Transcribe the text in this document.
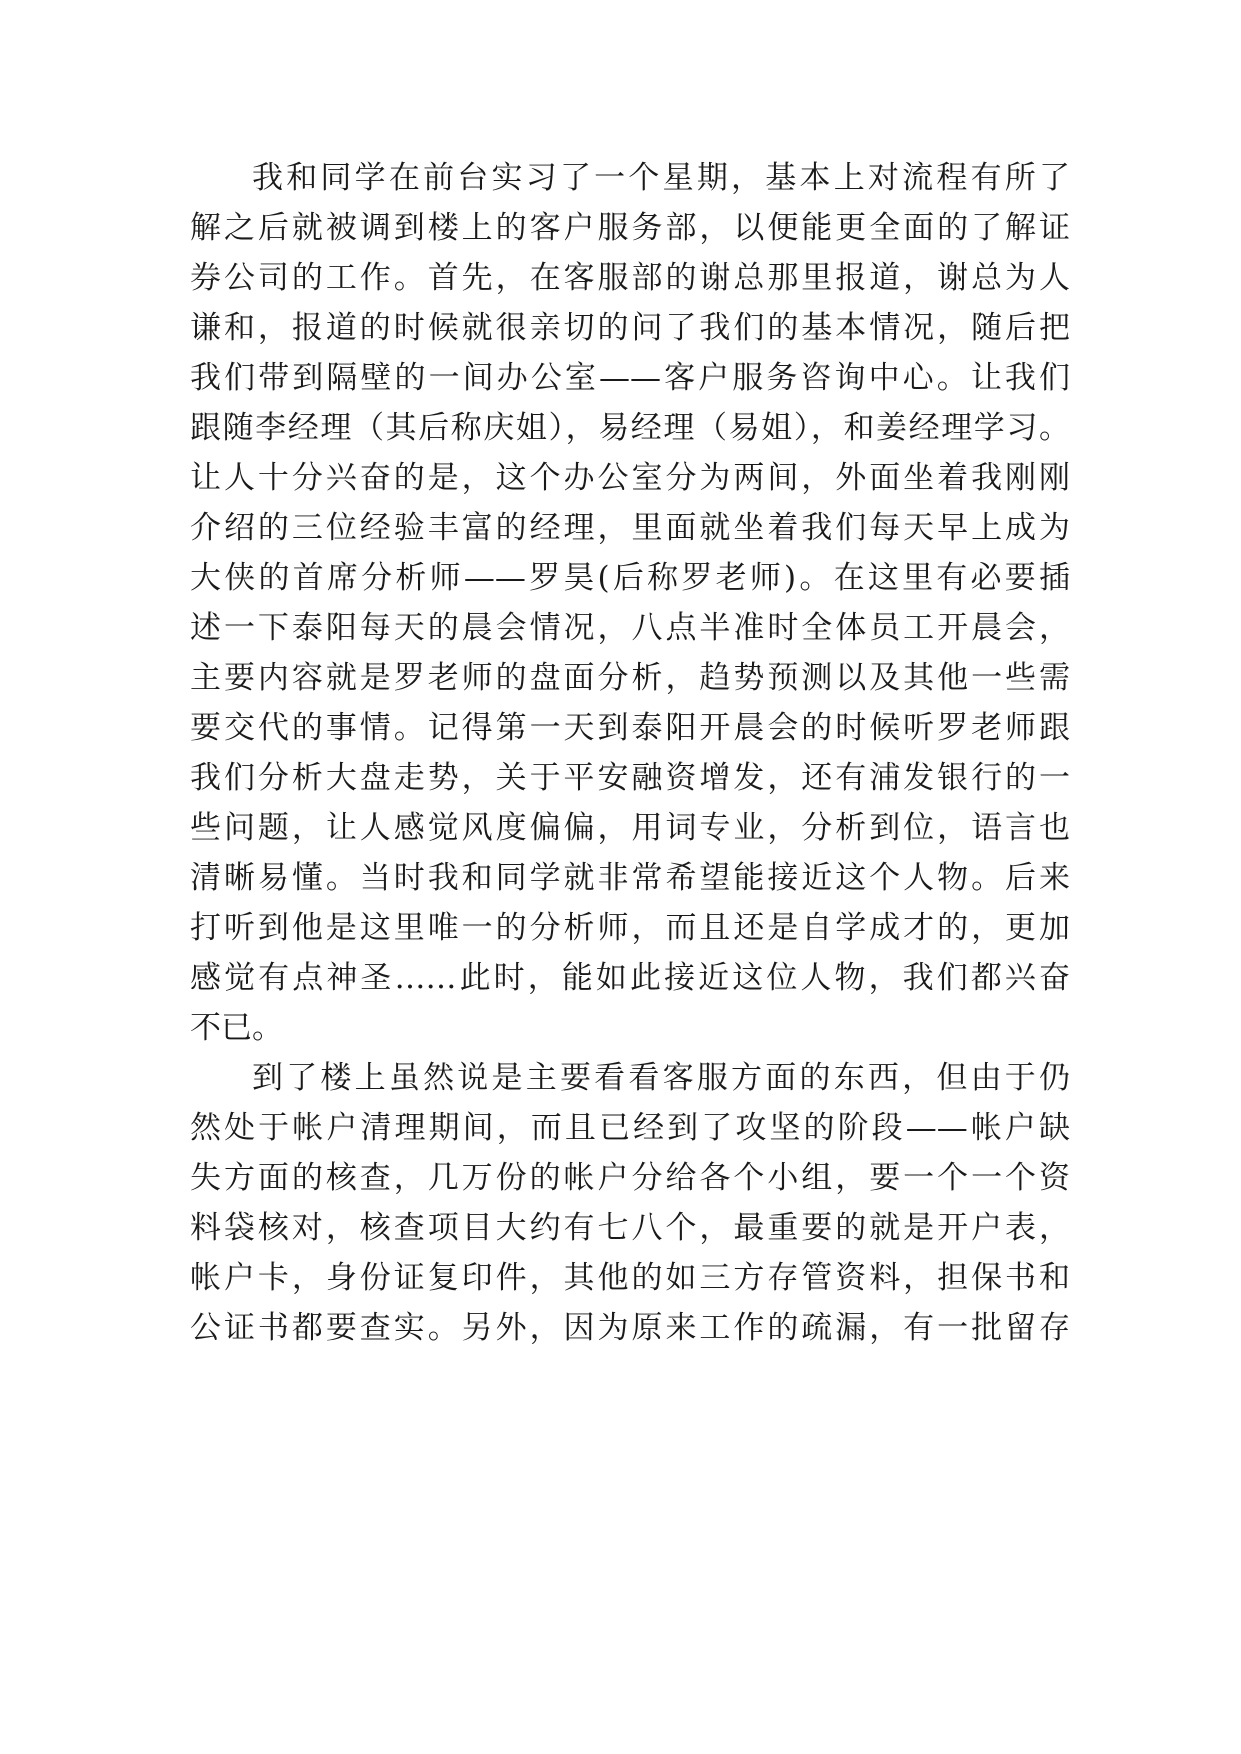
我和同学在前台实习了一个星期，基本上对流程有所了
解之后就被调到楼上的客户服务部，以便能更全面的了解证
券公司的工作。首先，在客服部的谢总那里报道，谢总为人
谦和，报道的时候就很亲切的问了我们的基本情况，随后把
我们带到隔壁的一间办公室——客户服务咨询中心。让我们
跟随李经理（其后称庆姐），易经理（易姐），和姜经理学习。
让人十分兴奋的是，这个办公室分为两间，外面坐着我刚刚
介绍的三位经验丰富的经理，里面就坐着我们每天早上成为
大侠的首席分析师——罗昊(后称罗老师)。在这里有必要插
述一下泰阳每天的晨会情况，八点半准时全体员工开晨会，
主要内容就是罗老师的盘面分析，趋势预测以及其他一些需
要交代的事情。记得第一天到泰阳开晨会的时候听罗老师跟
我们分析大盘走势，关于平安融资增发，还有浦发银行的一
些问题，让人感觉风度偏偏，用词专业，分析到位，语言也
清晰易懂。当时我和同学就非常希望能接近这个人物。后来
打听到他是这里唯一的分析师，而且还是自学成才的，更加
感觉有点神圣……此时，能如此接近这位人物，我们都兴奋
不已。
到了楼上虽然说是主要看看客服方面的东西，但由于仍
然处于帐户清理期间，而且已经到了攻坚的阶段——帐户缺
失方面的核查，几万份的帐户分给各个小组，要一个一个资
料袋核对，核查项目大约有七八个，最重要的就是开户表，
帐户卡，身份证复印件，其他的如三方存管资料，担保书和
公证书都要查实。另外，因为原来工作的疏漏，有一批留存
